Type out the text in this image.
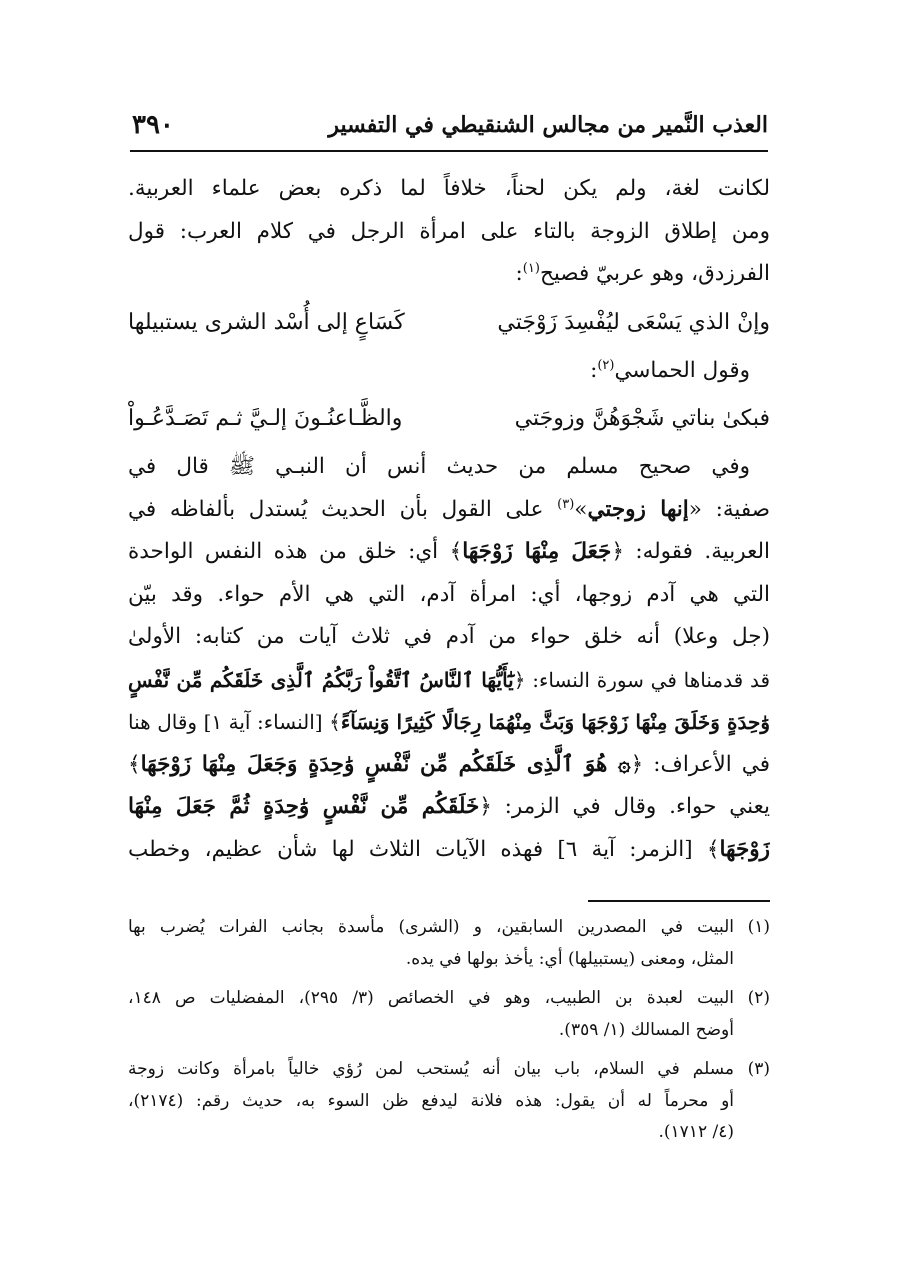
العذب النَّمير من مجالس الشنقيطي في التفسير
٣٩٠
لكانت لغة، ولم يكن لحناً، خلافاً لما ذكره بعض علماء العربية.
ومن إطلاق الزوجة بالتاء على امرأة الرجل في كلام العرب: قول
الفرزدق، وهو عربيّ فصيح$^{(١)}$:
وإنْ الذي يَسْعَى ليُفْسِدَ زَوْجَتي
كَسَاعٍ إلى أُسْد الشرى يستبيلها
وقول الحماسي$^{(٢)}$:
فبكىٰ بناتي شَجْوَهُنَّ وزوجَتي
والظَّـاعنُـونَ إلـيَّ ثـم تَصَـدَّعُـواْ
وفي صحيح مسلم من حديث أنس أن النبـي ﷺ قال في
صفية: «إنها زوجتي»$^{(٣)}$ على القول بأن الحديث يُستدل بألفاظه في
العربية. فقوله: ﴿جَعَلَ مِنْهَا زَوْجَهَا﴾ أي: خلق من هذه النفس الواحدة
التي هي آدم زوجها، أي: امرأة آدم، التي هي الأم حواء. وقد بيّن
(جل وعلا) أنه خلق حواء من آدم في ثلاث آيات من كتابه: الأولىٰ
قد قدمناها في سورة النساء: ﴿يَٰٓأَيُّهَا ٱلنَّاسُ ٱتَّقُواْ رَبَّكُمُ ٱلَّذِى خَلَقَكُم مِّن نَّفْسٍ
وَٰحِدَةٍ وَخَلَقَ مِنْهَا زَوْجَهَا وَبَثَّ مِنْهُمَا رِجَالًا كَثِيرًا وَنِسَآءً﴾ [النساء: آية ١] وقال هنا
في الأعراف: ﴿۞ هُوَ ٱلَّذِى خَلَقَكُم مِّن نَّفْسٍ وَٰحِدَةٍ وَجَعَلَ مِنْهَا زَوْجَهَا﴾
يعني حواء. وقال في الزمر: ﴿خَلَقَكُم مِّن نَّفْسٍ وَٰحِدَةٍ ثُمَّ جَعَلَ مِنْهَا
زَوْجَهَا﴾ [الزمر: آية ٦] فهذه الآيات الثلاث لها شأن عظيم، وخطب
(١)البيت في المصدرين السابقين، و (الشرى) مأسدة بجانب الفرات يُضرب بها
المثل، ومعنى (يستبيلها) أي: يأخذ بولها في يده.
(٢)البيت لعبدة بن الطبيب، وهو في الخصائص (٣/ ٢٩٥)، المفضليات ص ١٤٨،
أوضح المسالك (١/ ٣٥٩).
(٣)مسلم في السلام، باب بيان أنه يُستحب لمن رُؤي خالياً بامرأة وكانت زوجة
أو محرماً له أن يقول: هذه فلانة ليدفع ظن السوء به، حديث رقم: (٢١٧٤)،
(٤/ ١٧١٢).
